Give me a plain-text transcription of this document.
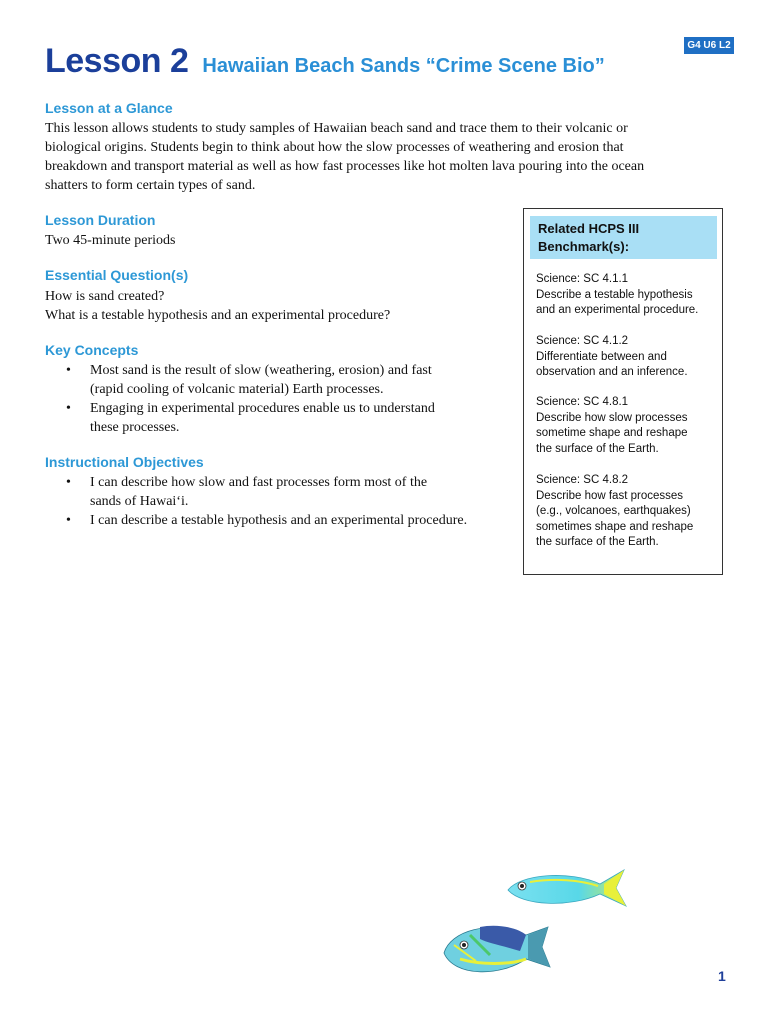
G4 U6 L2
Lesson 2 Hawaiian Beach Sands “Crime Scene Bio”
Lesson at a Glance
This lesson allows students to study samples of Hawaiian beach sand and trace them to their volcanic or
biological origins. Students begin to think about how the slow processes of weathering and erosion that
breakdown and transport material as well as how fast processes like hot molten lava pouring into the ocean
shatters to form certain types of sand.
Lesson Duration
Two 45-minute periods
Essential Question(s)
How is sand created?
What is a testable hypothesis and an experimental procedure?
Key Concepts
• Most sand is the result of slow (weathering, erosion) and fast
(rapid cooling of volcanic material) Earth processes.
• Engaging in experimental procedures enable us to understand
these processes.
Instructional Objectives
• I can describe how slow and fast processes form most of the
sands of Hawai‘i.
• I can describe a testable hypothesis and an experimental procedure.
Related HCPS III
Benchmark(s):
Science: SC 4.1.1
Describe a testable hypothesis
and an experimental procedure.
Science: SC 4.1.2
Differentiate between and
observation and an inference.
Science: SC 4.8.1
Describe how slow processes
sometime shape and reshape
the surface of the Earth.
Science: SC 4.8.2
Describe how fast processes
(e.g., volcanoes, earthquakes)
sometimes shape and reshape
the surface of the Earth.
1
